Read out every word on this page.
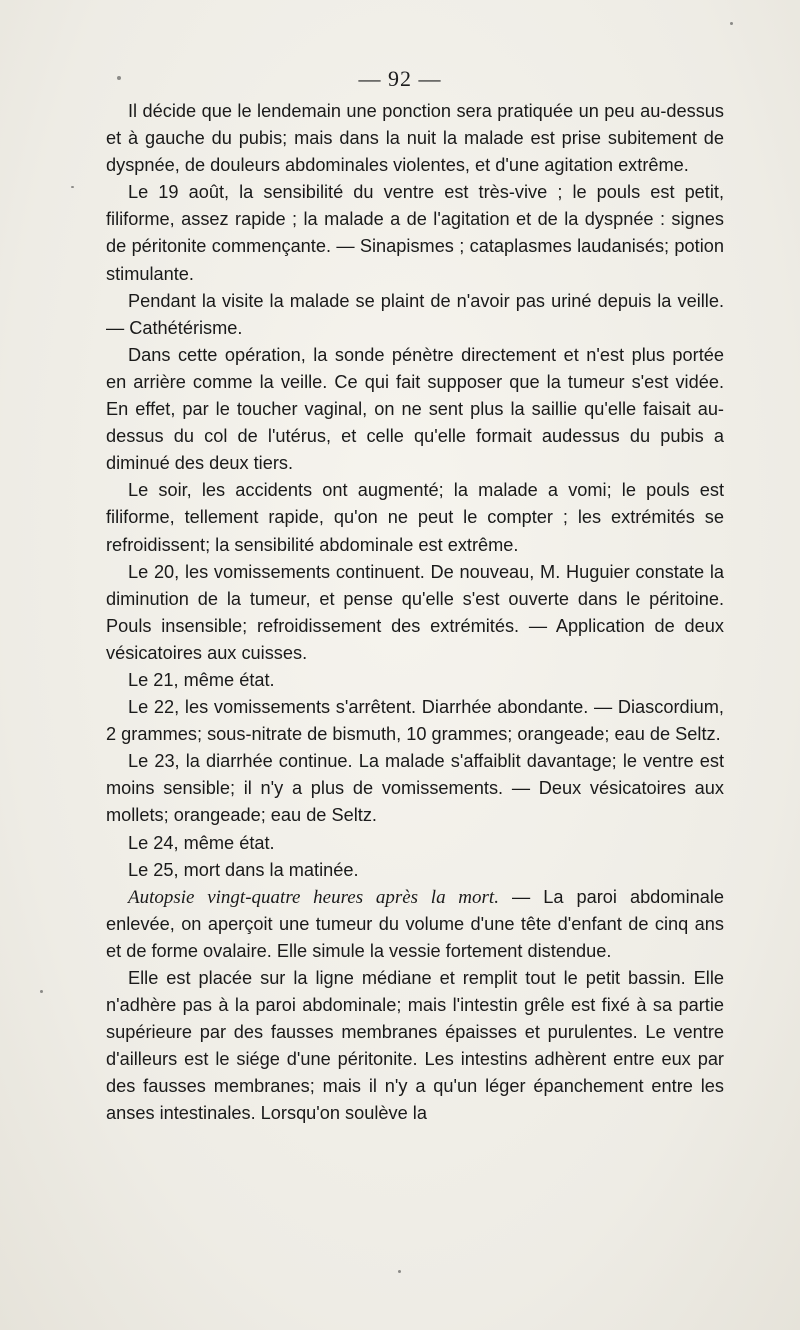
— 92 —

Il décide que le lendemain une ponction sera pratiquée un peu au-dessus et à gauche du pubis; mais dans la nuit la malade est prise subitement de dyspnée, de douleurs abdominales violentes, et d'une agitation extrême.

Le 19 août, la sensibilité du ventre est très-vive ; le pouls est petit, filiforme, assez rapide ; la malade a de l'agitation et de la dyspnée : signes de péritonite commençante. — Sinapismes ; cataplasmes laudanisés; potion stimulante.

Pendant la visite la malade se plaint de n'avoir pas uriné depuis la veille. — Cathétérisme.

Dans cette opération, la sonde pénètre directement et n'est plus portée en arrière comme la veille. Ce qui fait supposer que la tumeur s'est vidée. En effet, par le toucher vaginal, on ne sent plus la saillie qu'elle faisait au-dessus du col de l'utérus, et celle qu'elle formait audessus du pubis a diminué des deux tiers.

Le soir, les accidents ont augmenté; la malade a vomi; le pouls est filiforme, tellement rapide, qu'on ne peut le compter ; les extrémités se refroidissent; la sensibilité abdominale est extrême.

Le 20, les vomissements continuent. De nouveau, M. Huguier constate la diminution de la tumeur, et pense qu'elle s'est ouverte dans le péritoine. Pouls insensible; refroidissement des extrémités. — Application de deux vésicatoires aux cuisses.

Le 21, même état.

Le 22, les vomissements s'arrêtent. Diarrhée abondante. — Diascordium, 2 grammes; sous-nitrate de bismuth, 10 grammes; orangeade; eau de Seltz.

Le 23, la diarrhée continue. La malade s'affaiblit davantage; le ventre est moins sensible; il n'y a plus de vomissements. — Deux vésicatoires aux mollets; orangeade; eau de Seltz.

Le 24, même état.

Le 25, mort dans la matinée.

Autopsie vingt-quatre heures après la mort. — La paroi abdominale enlevée, on aperçoit une tumeur du volume d'une tête d'enfant de cinq ans et de forme ovalaire. Elle simule la vessie fortement distendue.

Elle est placée sur la ligne médiane et remplit tout le petit bassin. Elle n'adhère pas à la paroi abdominale; mais l'intestin grêle est fixé à sa partie supérieure par des fausses membranes épaisses et purulentes. Le ventre d'ailleurs est le siége d'une péritonite. Les intestins adhèrent entre eux par des fausses membranes; mais il n'y a qu'un léger épanchement entre les anses intestinales. Lorsqu'on soulève la
